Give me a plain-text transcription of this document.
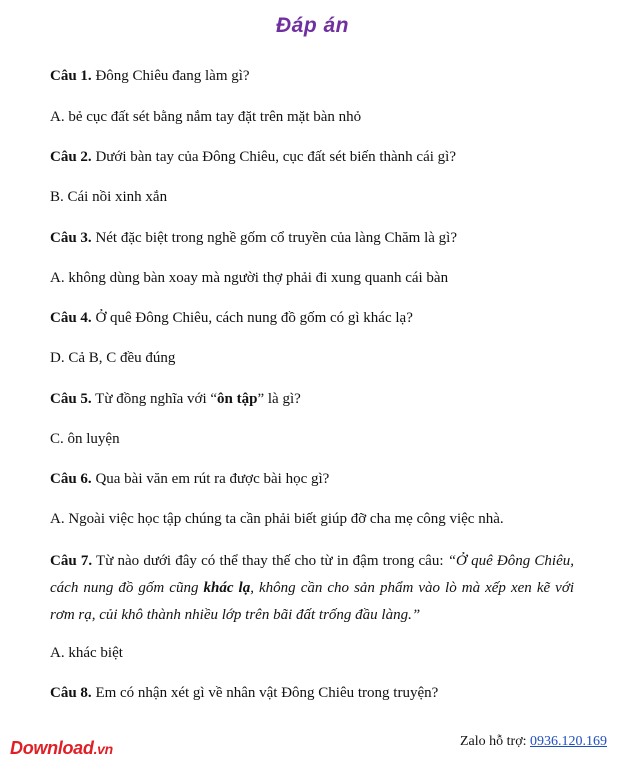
Đáp án
Câu 1. Đông Chiêu đang làm gì?
A. bẻ cục đất sét bằng nắm tay đặt trên mặt bàn nhỏ
Câu 2. Dưới bàn tay của Đông Chiêu, cục đất sét biến thành cái gì?
B. Cái nồi xinh xắn
Câu 3. Nét đặc biệt trong nghề gốm cổ truyền của làng Chăm là gì?
A. không dùng bàn xoay mà người thợ phải đi xung quanh cái bàn
Câu 4. Ở quê Đông Chiêu, cách nung đồ gốm có gì khác lạ?
D. Cả B, C đều đúng
Câu 5. Từ đồng nghĩa với “ôn tập” là gì?
C. ôn luyện
Câu 6. Qua bài văn em rút ra được bài học gì?
A. Ngoài việc học tập chúng ta cần phải biết giúp đỡ cha mẹ công việc nhà.
Câu 7. Từ nào dưới đây có thể thay thế cho từ in đậm trong câu: “Ở quê Đông Chiêu, cách nung đồ gốm cũng khác lạ, không cần cho sản phẩm vào lò mà xếp xen kẽ với rơm rạ, củi khô thành nhiều lớp trên bãi đất trống đầu làng.”
A. khác biệt
Câu 8. Em có nhận xét gì về nhân vật Đông Chiêu trong truyện?
Download.vn	Zalo hỗ trợ: 0936.120.169
